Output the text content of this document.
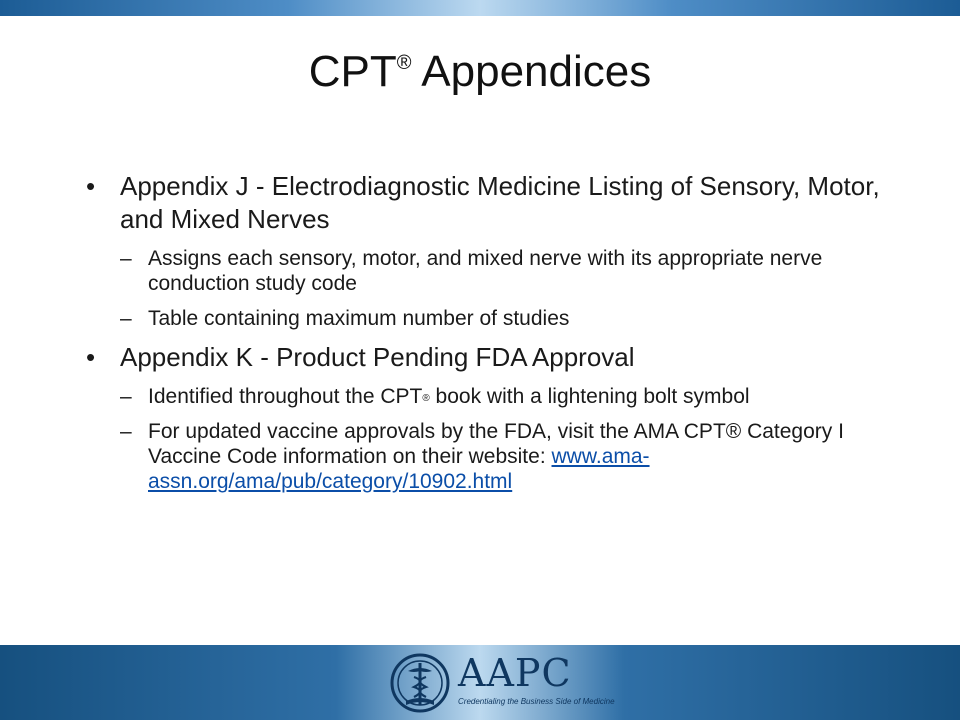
CPT® Appendices
• Appendix J - Electrodiagnostic Medicine Listing of Sensory, Motor, and Mixed Nerves
– Assigns each sensory, motor, and mixed nerve with its appropriate nerve conduction study code
– Table containing maximum number of studies
• Appendix K - Product Pending FDA Approval
– Identified throughout the CPT® book with a lightening bolt symbol
– For updated vaccine approvals by the FDA, visit the AMA CPT® Category I Vaccine Code information on their website: www.ama-assn.org/ama/pub/category/10902.html
AAPC
Credentialing the Business Side of Medicine
